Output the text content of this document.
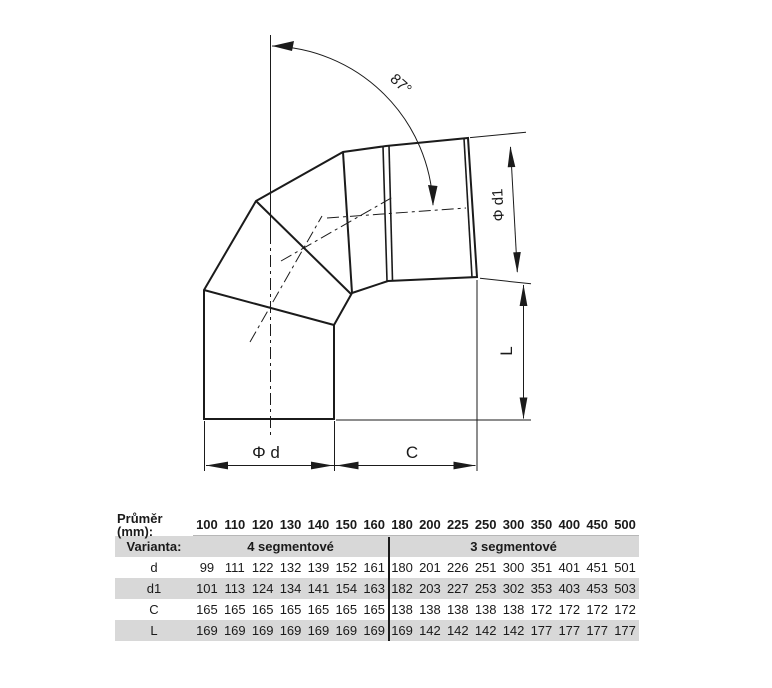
87°
Φ d1
L
Φ d	C
Průměr (mm):	100 110 120 130 140 150 160 180 200 225 250 300 350 400 450 500
Varianta:	4 segmentové	3 segmentové
d	99 111 122 132 139 152 161 180 201 226 251 300 351 401 451 501
d1	101 113 124 134 141 154 163 182 203 227 253 302 353 403 453 503
C	165 165 165 165 165 165 165 138 138 138 138 138 172 172 172 172
L	169 169 169 169 169 169 169 169 142 142 142 142 177 177 177 177
